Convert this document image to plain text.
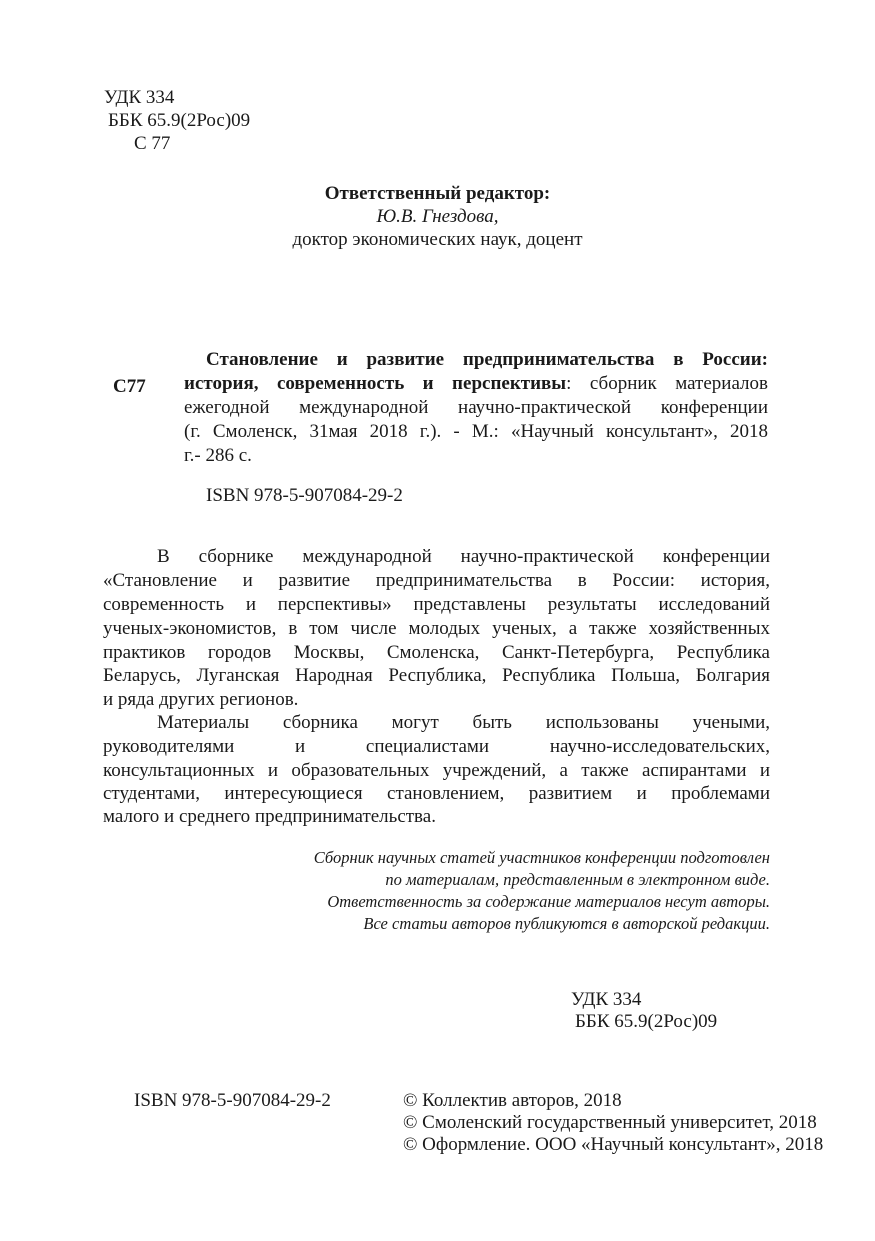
УДК 334
ББК 65.9(2Рос)09
С 77
Ответственный редактор:
Ю.В. Гнездова,
доктор экономических наук, доцент
С77
Становление и развитие предпринимательства в России:
история, современность и перспективы: сборник материалов
ежегодной международной научно-практической конференции
(г. Смоленск, 31мая 2018 г.). - М.: «Научный консультант», 2018
г.- 286 с.
ISBN 978-5-907084-29-2
В сборнике международной научно-практической конференции
«Становление и развитие предпринимательства в России: история,
современность и перспективы» представлены результаты исследований
ученых-экономистов, в том числе молодых ученых, а также хозяйственных
практиков городов Москвы, Смоленска, Санкт-Петербурга, Республика
Беларусь, Луганская Народная Республика, Республика Польша, Болгария
и ряда других регионов.
Материалы сборника могут быть использованы учеными,
руководителями и специалистами научно-исследовательских,
консультационных и образовательных учреждений, а также аспирантами и
студентами, интересующиеся становлением, развитием и проблемами
малого и среднего предпринимательства.
Сборник научных статей участников конференции подготовлен
по материалам, представленным в электронном виде.
Ответственность за содержание материалов несут авторы.
Все статьи авторов публикуются в авторской редакции.
УДК 334
ББК 65.9(2Рос)09
ISBN 978-5-907084-29-2	© Коллектив авторов, 2018
© Смоленский государственный университет, 2018
© Оформление. ООО «Научный консультант», 2018
